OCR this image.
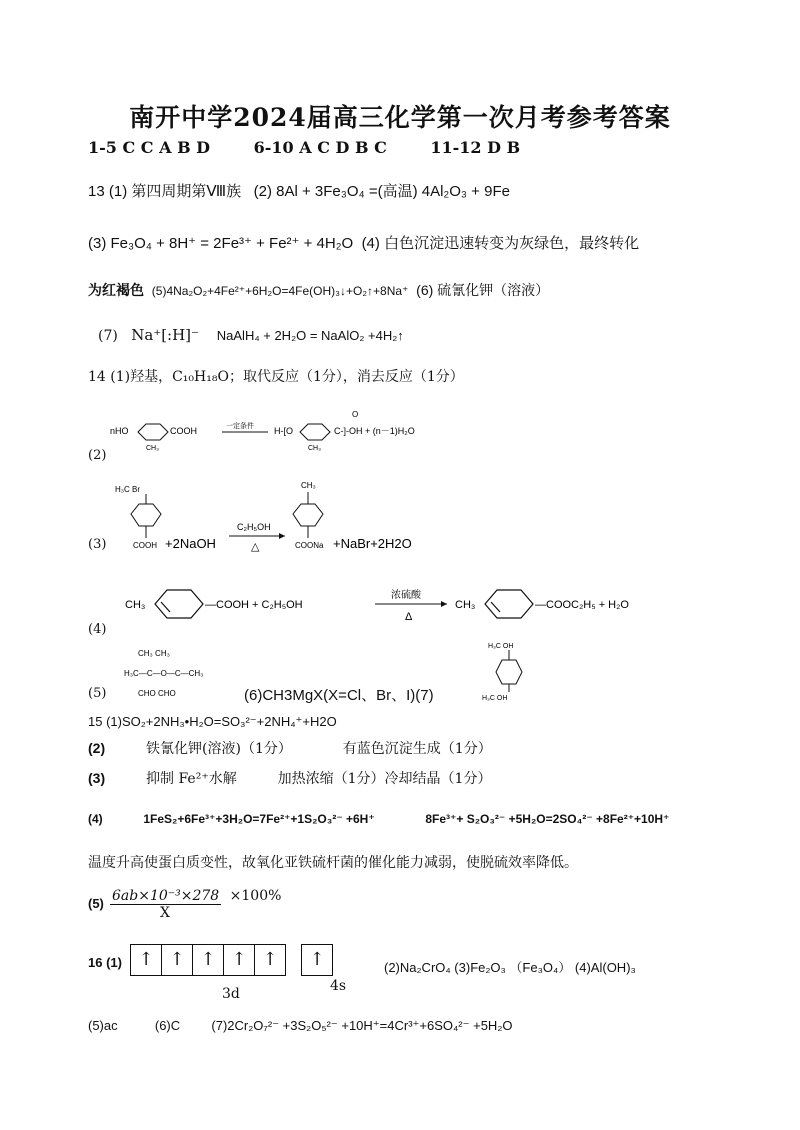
南开中学2024届高三化学第一次月考参考答案
1-5 C C A B D	6-10 A C D B C	11-12 D B
13 (1) 第四周期第Ⅷ族 (2) 8Al + 3Fe₃O₄ =(高温) 4Al₂O₃ + 9Fe
(3) Fe₃O₄ + 8H⁺ = 2Fe³⁺ + Fe²⁺ + 4H₂O (4) 白色沉淀迅速转变为灰绿色，最终转化
为红褐色 (5)4Na₂O₂+4Fe²⁺+6H₂O=4Fe(OH)₃↓+O₂↑+8Na⁺ (6) 硫氰化钾（溶液）
(7) Na⁺[:H]⁻ NaAlH₄ + 2H₂O = NaAlO₂ +4H₂↑
14 (1)羟基，C₁₀H₁₈O；取代反应（1分），消去反应（1分）
nHO	COOH
CH₃
一定条件 H-[O
CH₃
C-]-OH + (n－1)H₂O
O
(2)
H₃C Br
COOH +2NaOH
C₂H₅OH
△
CH₃
COONa +NaBr+2H2O
(3)
CH₃	—COOH + C₂H₅OH
浓硫酸
Δ
CH₃	—COOC₂H₅ + H₂O
(4)
CH₃ CH₃
H₃C—C—O—C—CH₃
CHO CHO
(5)	(6)CH3MgX(X=Cl、Br、I)(7)
H₃C OH
H₃C OH
15 (1)SO₂+2NH₃•H₂O=SO₃²⁻+2NH₄⁺+H2O
(2)	铁氰化钾(溶液)（1分）	有蓝色沉淀生成（1分）
(3)	抑制 Fe²⁺水解	加热浓缩（1分）冷却结晶（1分）
(4)	1FeS₂+6Fe³⁺+3H₂O=7Fe²⁺+1S₂O₃²⁻ +6H⁺	8Fe³⁺+ S₂O₃²⁻ +5H₂O=2SO₄²⁻ +8Fe²⁺+10H⁺
温度升高使蛋白质变性，故氧化亚铁硫杆菌的催化能力减弱，使脱硫效率降低。
(5) 6ab×10⁻³×278 ×100%
X
16 (1) ↑ ↑ ↑ ↑ ↑ ↑
3d	4s
(2)Na₂CrO₄ (3)Fe₂O₃ （Fe₃O₄） (4)Al(OH)₃
(5)ac	(6)C (7)2Cr₂O₇²⁻ +3S₂O₅²⁻ +10H⁺=4Cr³⁺+6SO₄²⁻ +5H₂O
